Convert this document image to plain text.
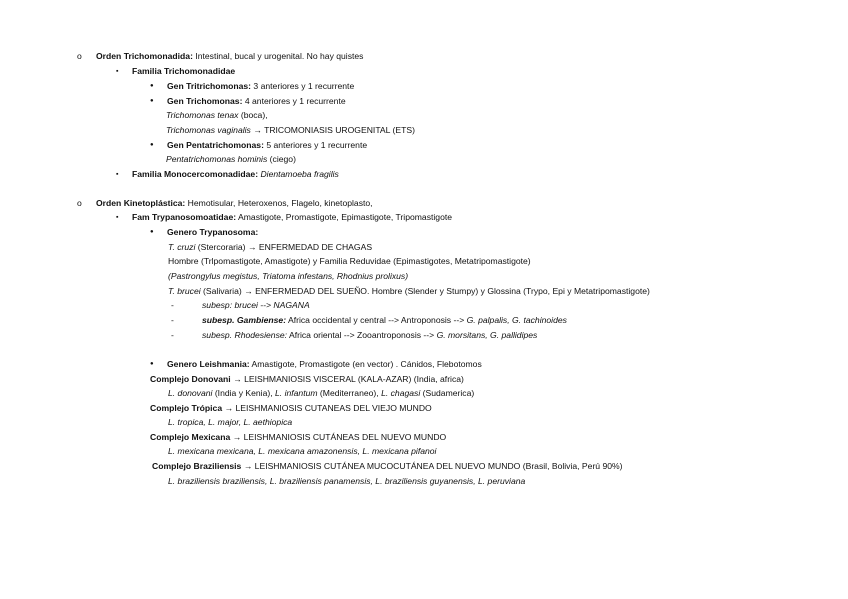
o Orden Trichomonadida: Intestinal, bucal y urogenital. No hay quistes
▪ Familia Trichomonadidae
● Gen Tritrichomonas: 3 anteriores y 1 recurrente
● Gen Trichomonas: 4 anteriores y 1 recurrente
Trichomonas tenax (boca),
Trichomonas vaginalis → TRICOMONIASIS UROGENITAL (ETS)
● Gen Pentatrichomonas: 5 anteriores y 1 recurrente
Pentatrichomonas hominis (ciego)
▪ Familia Monocercomonadidae: Dientamoeba fragilis
o Orden Kinetoplástica: Hemotisular, Heteroxenos, Flagelo, kinetoplasto,
▪ Fam Trypanosomoatidae: Amastigote, Promastigote, Epimastigote, Tripomastigote
● Genero Trypanosoma:
T. cruzi (Stercoraria) → ENFERMEDAD DE CHAGAS
Hombre (Trlpomastigote, Amastigote) y Familia Reduvidae (Epimastigotes, Metatripomastigote)
(Pastrongylus megistus, Triatoma infestans, Rhodnius prolixus)
T. brucei (Salivaria) → ENFERMEDAD DEL SUEÑO. Hombre (Slender y Stumpy) y Glossina (Trypo, Epi y Metatripomastigote)
-	subesp: brucei --> NAGANA
-	subesp. Gambiense: Africa occidental y central --> Antroponosis --> G. palpalis, G. tachinoides
-	subesp. Rhodesiense: Africa oriental --> Zooantroponosis --> G. morsitans, G. pallidipes
● Genero Leishmania: Amastigote, Promastigote (en vector) . Cánidos, Flebotomos
Complejo Donovani → LEISHMANIOSIS VISCERAL (KALA-AZAR) (India, africa)
L. donovani (India y Kenia), L. infantum (Mediterraneo), L. chagasi (Sudamerica)
Complejo Trópica → LEISHMANIOSIS CUTANEAS DEL VIEJO MUNDO
L. tropica, L. major, L. aethiopica
Complejo Mexicana → LEISHMANIOSIS CUTÁNEAS DEL NUEVO MUNDO
L. mexicana mexicana, L. mexicana amazonensis, L. mexicana pifanoi
Complejo Braziliensis → LEISHMANIOSIS CUTÁNEA MUCOCUTÁNEA DEL NUEVO MUNDO (Brasil, Bolivia, Perú 90%)
L. braziliensis braziliensis, L. braziliensis panamensis, L. braziliensis guyanensis, L. peruviana
